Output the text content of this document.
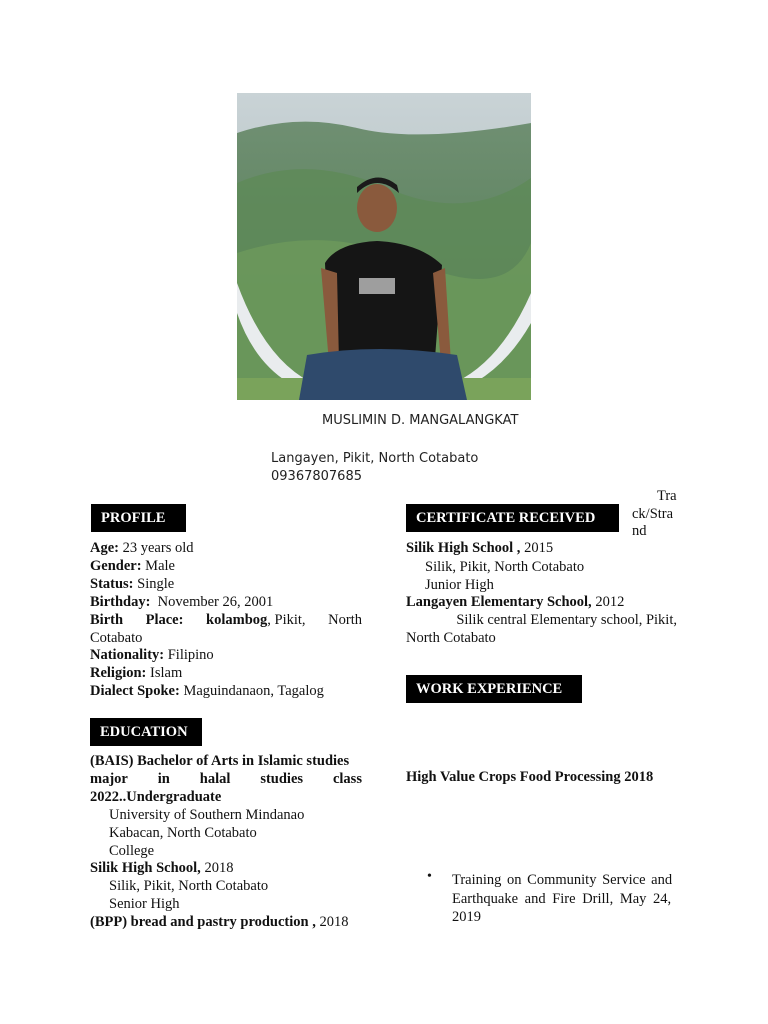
MUSLIMIN D. MANGALANGKAT
Langayen, Pikit, North Cotabato
09367807685
Tra
ck/Stra
nd
PROFILE
Age: 23 years old
Gender: Male
Status: Single
Birthday: November 26, 2001
Birth Place: kolambog, Pikit, North
Cotabato
Nationality: Filipino
Religion: Islam
Dialect Spoke: Maguindanaon, Tagalog
EDUCATION
(BAIS) Bachelor of Arts in Islamic studies
major in halal studies class
2022..Undergraduate
University of Southern Mindanao
Kabacan, North Cotabato
College
Silik High School, 2018
Silik, Pikit, North Cotabato
Senior High
(BPP) bread and pastry production , 2018
CERTIFICATE RECEIVED
Silik High School , 2015
Silik, Pikit, North Cotabato
Junior High
Langayen Elementary School, 2012
Silik central Elementary school, Pikit,
North Cotabato
WORK EXPERIENCE
High Value Crops Food Processing 2018
• Training on Community Service and
Earthquake and Fire Drill, May 24,
2019
